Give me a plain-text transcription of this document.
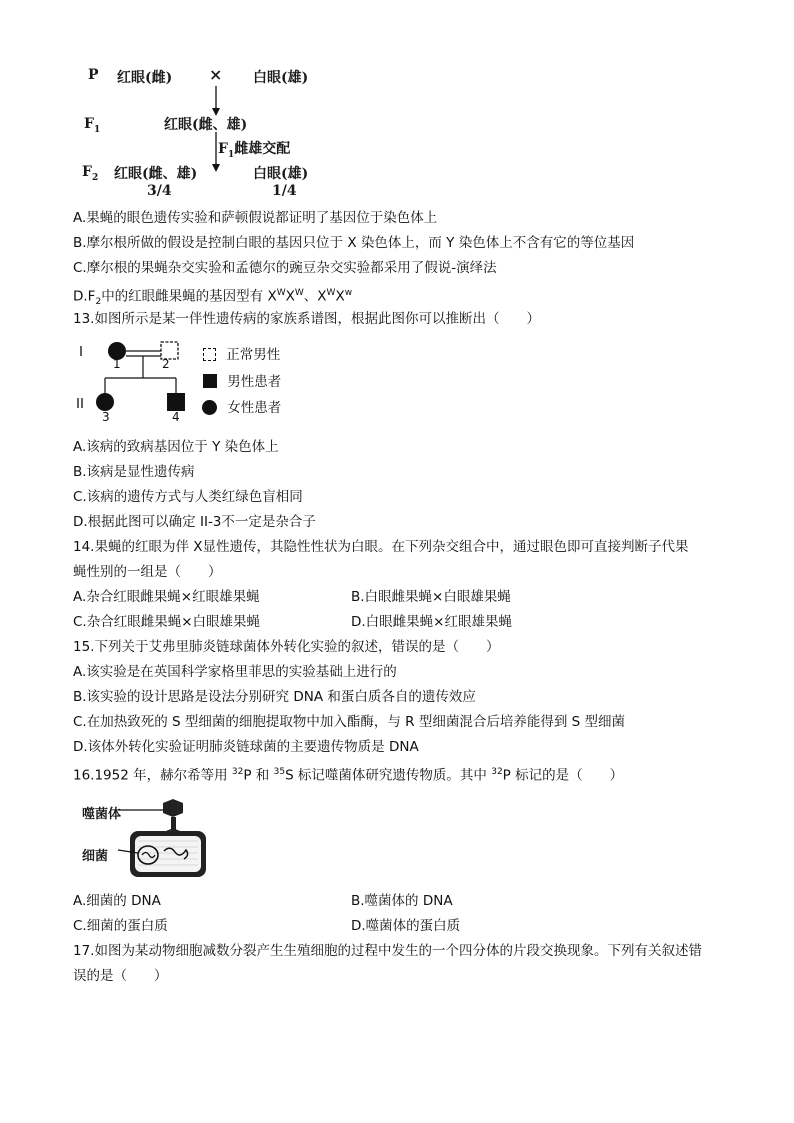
P 红眼(雌) × 白眼(雄)
$F_1$	红眼(雌、雄)
$F_1$雌雄交配
$F_2$ 红眼(雌、雄)	白眼(雄)
3/4	1/4
A.果蝇的眼色遗传实验和萨顿假说都证明了基因位于染色体上
B.摩尔根所做的假设是控制白眼的基因只位于 X 染色体上，而 Y 染色体上不含有它的等位基因
C.摩尔根的果蝇杂交实验和孟德尔的豌豆杂交实验都采用了假说-演绎法
$D.F_2$中的红眼雌果蝇的基因型有 $X^WX^W$、$X^WX^w$
13.如图所示是某一伴性遗传病的家族系谱图，根据此图你可以推断出（　　）
I
II
1	2
3	4
正常男性
男性患者
女性患者
A.该病的致病基因位于 Y 染色体上
B.该病是显性遗传病
C.该病的遗传方式与人类红绿色盲相同
D.根据此图可以确定 II-3不一定是杂合子
14.果蝇的红眼为伴 X显性遗传，其隐性性状为白眼。在下列杂交组合中，通过眼色即可直接判断子代果
蝇性别的一组是（　　）
A.杂合红眼雌果蝇×红眼雄果蝇	B.白眼雌果蝇×白眼雄果蝇
C.杂合红眼雌果蝇×白眼雄果蝇	D.白眼雌果蝇×红眼雄果蝇
15.下列关于艾弗里肺炎链球菌体外转化实验的叙述，错误的是（　　）
A.该实验是在英国科学家格里菲思的实验基础上进行的
B.该实验的设计思路是设法分别研究 DNA 和蛋白质各自的遗传效应
C.在加热致死的 S 型细菌的细胞提取物中加入酯酶，与 R 型细菌混合后培养能得到 S 型细菌
D.该体外转化实验证明肺炎链球菌的主要遗传物质是 DNA
16.1952 年，赫尔希等用 $^{32}$P 和 $^{35}$S 标记噬菌体研究遗传物质。其中 $^{32}$P 标记的是（　　）
噬菌体
细菌
A.细菌的 DNA	B.噬菌体的 DNA
C.细菌的蛋白质	D.噬菌体的蛋白质
17.如图为某动物细胞减数分裂产生生殖细胞的过程中发生的一个四分体的片段交换现象。下列有关叙述错
误的是（　　）
